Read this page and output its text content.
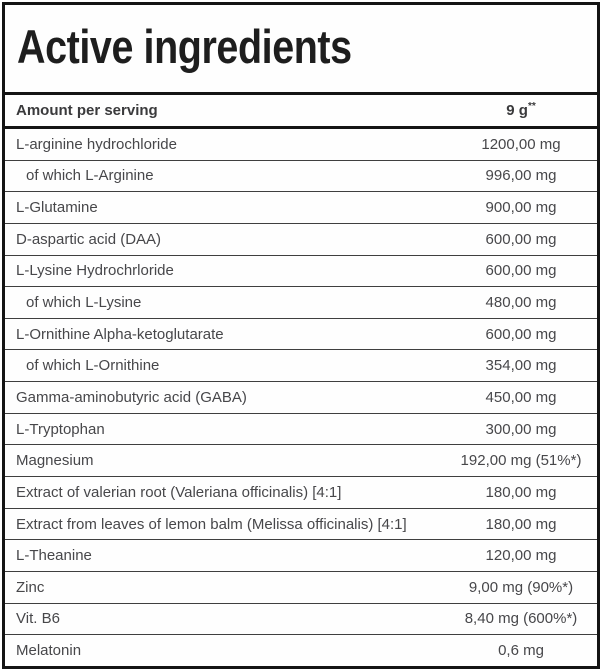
Active ingredients
Amount per serving	9 g**
L-arginine hydrochloride	1200,00 mg
of which L-Arginine	996,00 mg
L-Glutamine	900,00 mg
D-aspartic acid (DAA)	600,00 mg
L-Lysine Hydrochrloride	600,00 mg
of which L-Lysine	480,00 mg
L-Ornithine Alpha-ketoglutarate	600,00 mg
of which L-Ornithine	354,00 mg
Gamma-aminobutyric acid (GABA)	450,00 mg
L-Tryptophan	300,00 mg
Magnesium	192,00 mg (51%*)
Extract of valerian root (Valeriana officinalis) [4:1]	180,00 mg
Extract from leaves of lemon balm (Melissa officinalis) [4:1]	180,00 mg
L-Theanine	120,00 mg
Zinc	9,00 mg (90%*)
Vit. B6	8,40 mg (600%*)
Melatonin	0,6 mg
